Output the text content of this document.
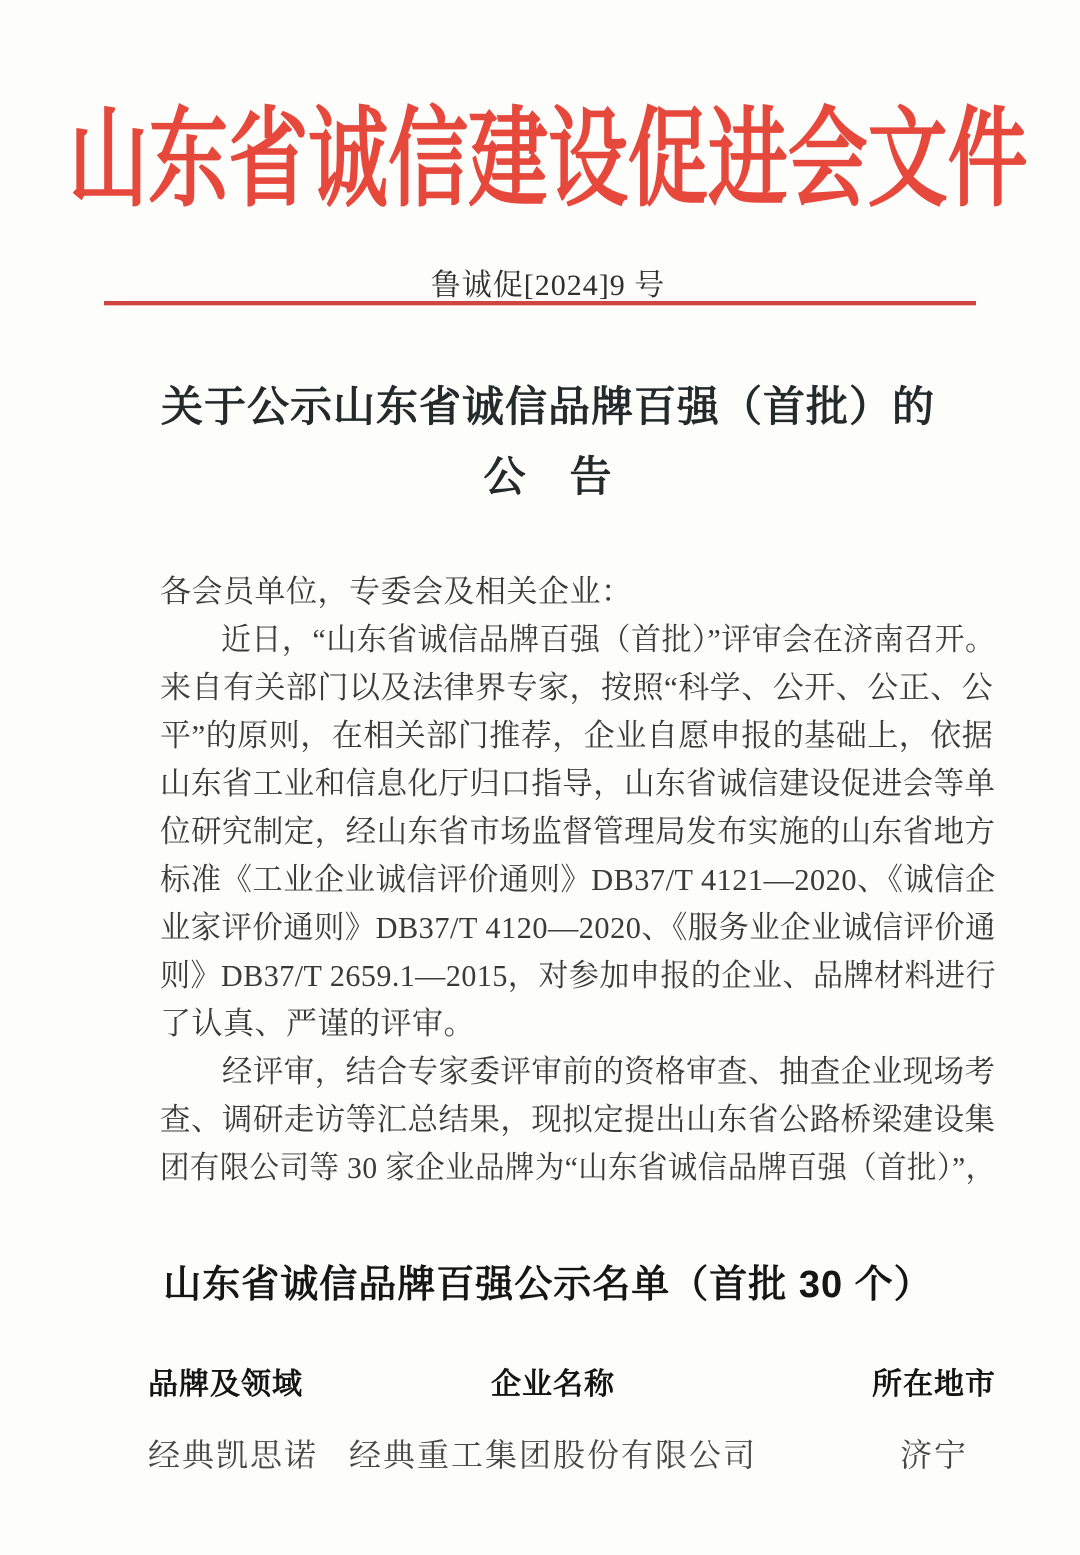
山东省诚信建设促进会文件
鲁诚促[2024]9 号
关于公示山东省诚信品牌百强（首批）的
公　告
各会员单位，专委会及相关企业：
　　近日，“山东省诚信品牌百强（首批）”评审会在济南召开。
来自有关部门以及法律界专家，按照“科学、公开、公正、公
平”的原则，在相关部门推荐，企业自愿申报的基础上，依据
山东省工业和信息化厅归口指导，山东省诚信建设促进会等单
位研究制定，经山东省市场监督管理局发布实施的山东省地方
标准《工业企业诚信评价通则》DB37/T 4121—2020、《诚信企
业家评价通则》DB37/T 4120—2020、《服务业企业诚信评价通
则》DB37/T 2659.1—2015，对参加申报的企业、品牌材料进行
了认真、严谨的评审。
　　经评审，结合专家委评审前的资格审查、抽查企业现场考
查、调研走访等汇总结果，现拟定提出山东省公路桥梁建设集
团有限公司等 30 家企业品牌为“山东省诚信品牌百强（首批）”，
山东省诚信品牌百强公示名单（首批 30 个）
品牌及领域	企业名称	所在地市
经典凯思诺 经典重工集团股份有限公司	济宁
